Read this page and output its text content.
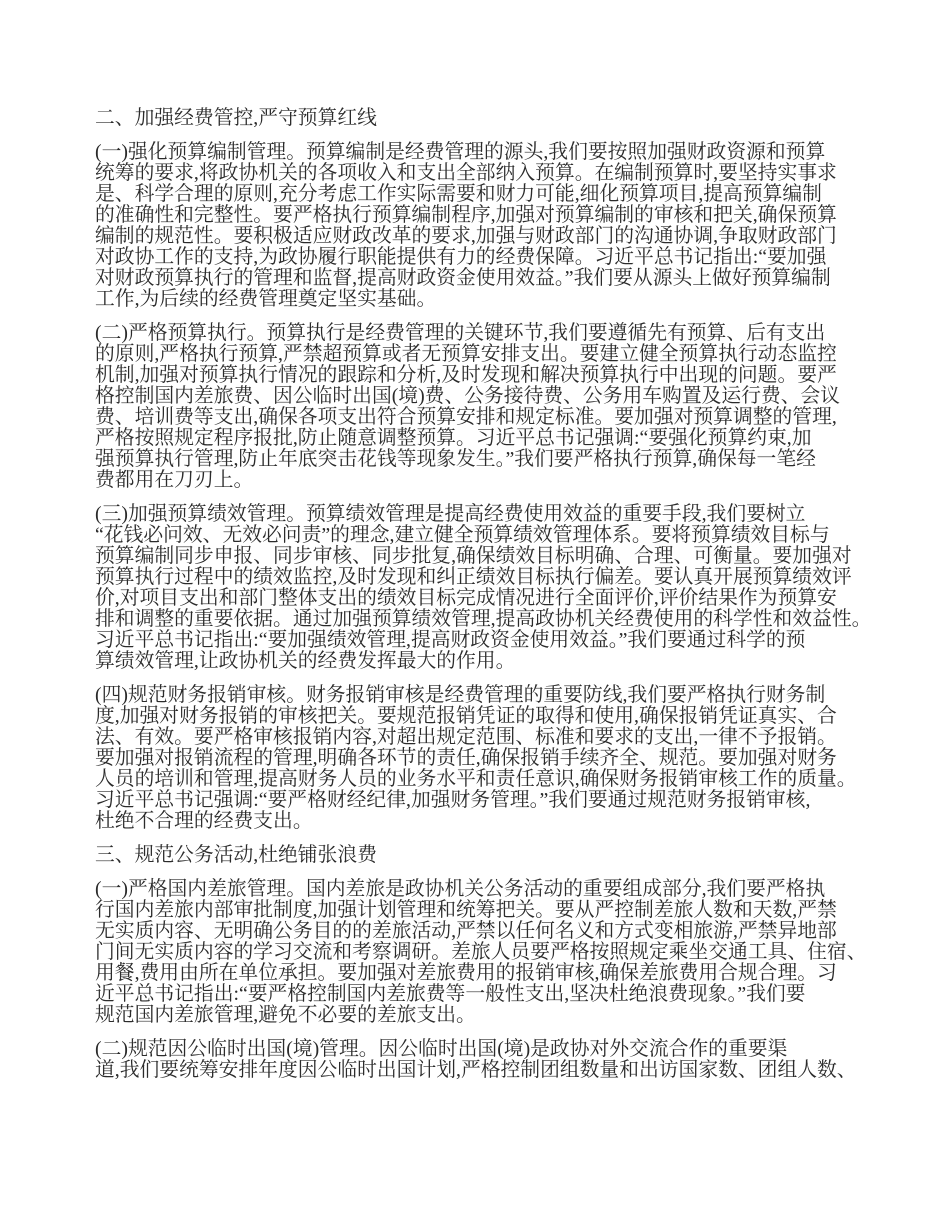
二、加强经费管控,严守预算红线
(一)强化预算编制管理。预算编制是经费管理的源头,我们要按照加强财政资源和预算
统筹的要求,将政协机关的各项收入和支出全部纳入预算。在编制预算时,要坚持实事求
是、科学合理的原则,充分考虑工作实际需要和财力可能,细化预算项目,提高预算编制
的准确性和完整性。要严格执行预算编制程序,加强对预算编制的审核和把关,确保预算
编制的规范性。要积极适应财政改革的要求,加强与财政部门的沟通协调,争取财政部门
对政协工作的支持,为政协履行职能提供有力的经费保障。习近平总书记指出:“要加强
对财政预算执行的管理和监督,提高财政资金使用效益。”我们要从源头上做好预算编制
工作,为后续的经费管理奠定坚实基础。
(二)严格预算执行。预算执行是经费管理的关键环节,我们要遵循先有预算、后有支出
的原则,严格执行预算,严禁超预算或者无预算安排支出。要建立健全预算执行动态监控
机制,加强对预算执行情况的跟踪和分析,及时发现和解决预算执行中出现的问题。要严
格控制国内差旅费、因公临时出国(境)费、公务接待费、公务用车购置及运行费、会议
费、培训费等支出,确保各项支出符合预算安排和规定标准。要加强对预算调整的管理,
严格按照规定程序报批,防止随意调整预算。习近平总书记强调:“要强化预算约束,加
强预算执行管理,防止年底突击花钱等现象发生。”我们要严格执行预算,确保每一笔经
费都用在刀刃上。
(三)加强预算绩效管理。预算绩效管理是提高经费使用效益的重要手段,我们要树立
“花钱必问效、无效必问责”的理念,建立健全预算绩效管理体系。要将预算绩效目标与
预算编制同步申报、同步审核、同步批复,确保绩效目标明确、合理、可衡量。要加强对
预算执行过程中的绩效监控,及时发现和纠正绩效目标执行偏差。要认真开展预算绩效评
价,对项目支出和部门整体支出的绩效目标完成情况进行全面评价,评价结果作为预算安
排和调整的重要依据。通过加强预算绩效管理,提高政协机关经费使用的科学性和效益性。
习近平总书记指出:“要加强绩效管理,提高财政资金使用效益。”我们要通过科学的预
算绩效管理,让政协机关的经费发挥最大的作用。
(四)规范财务报销审核。财务报销审核是经费管理的重要防线,我们要严格执行财务制
度,加强对财务报销的审核把关。要规范报销凭证的取得和使用,确保报销凭证真实、合
法、有效。要严格审核报销内容,对超出规定范围、标准和要求的支出,一律不予报销。
要加强对报销流程的管理,明确各环节的责任,确保报销手续齐全、规范。要加强对财务
人员的培训和管理,提高财务人员的业务水平和责任意识,确保财务报销审核工作的质量。
习近平总书记强调:“要严格财经纪律,加强财务管理。”我们要通过规范财务报销审核,
杜绝不合理的经费支出。
三、规范公务活动,杜绝铺张浪费
(一)严格国内差旅管理。国内差旅是政协机关公务活动的重要组成部分,我们要严格执
行国内差旅内部审批制度,加强计划管理和统筹把关。要从严控制差旅人数和天数,严禁
无实质内容、无明确公务目的的差旅活动,严禁以任何名义和方式变相旅游,严禁异地部
门间无实质内容的学习交流和考察调研。差旅人员要严格按照规定乘坐交通工具、住宿、
用餐,费用由所在单位承担。要加强对差旅费用的报销审核,确保差旅费用合规合理。习
近平总书记指出:“要严格控制国内差旅费等一般性支出,坚决杜绝浪费现象。”我们要
规范国内差旅管理,避免不必要的差旅支出。
(二)规范因公临时出国(境)管理。因公临时出国(境)是政协对外交流合作的重要渠
道,我们要统筹安排年度因公临时出国计划,严格控制团组数量和出访国家数、团组人数、
